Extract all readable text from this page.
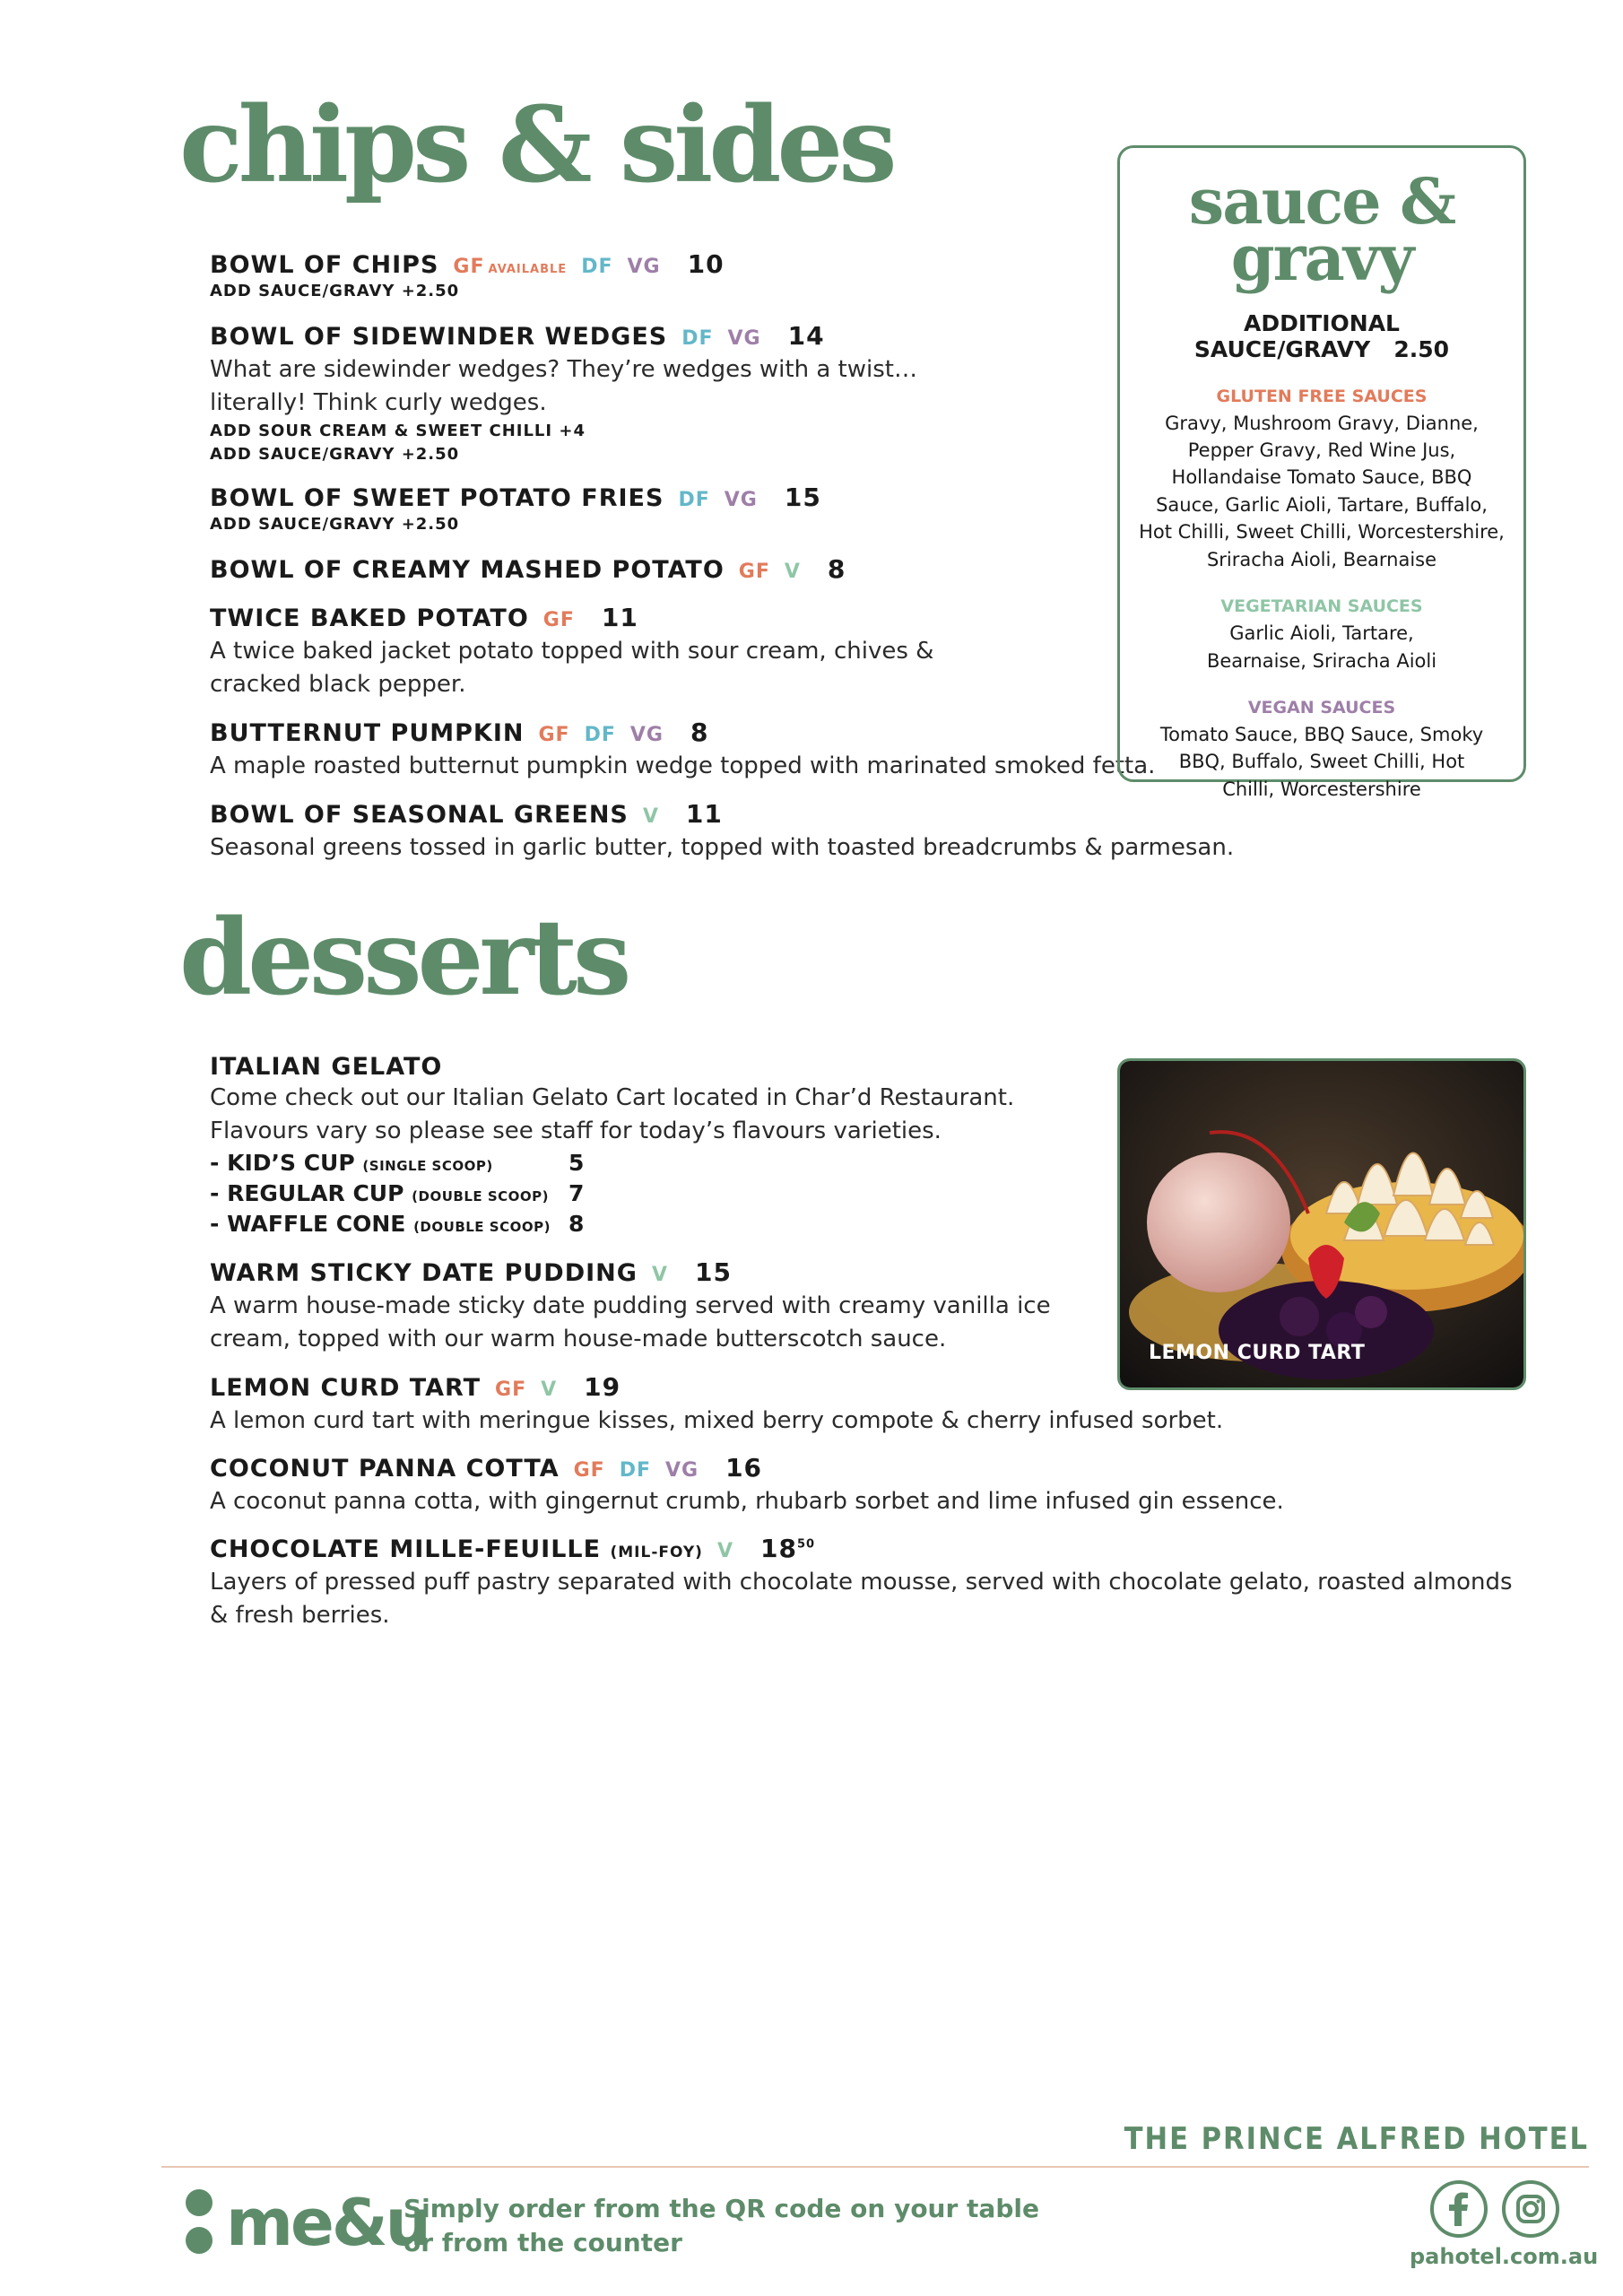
chips & sides
BOWL OF CHIPS GF AVAILABLE DF VG 10
ADD SAUCE/GRAVY +2.50
BOWL OF SIDEWINDER WEDGES DF VG 14

What are sidewinder wedges? They’re wedges with a twist… literally! Think curly wedges.

ADD SOUR CREAM & SWEET CHILLI +4
ADD SAUCE/GRAVY +2.50
BOWL OF SWEET POTATO FRIES DF VG 15
ADD SAUCE/GRAVY +2.50
BOWL OF CREAMY MASHED POTATO GF V 8
TWICE BAKED POTATO GF 11

A twice baked jacket potato topped with sour cream, chives & cracked black pepper.

BUTTERNUT PUMPKIN GF DF VG 8

A maple roasted butternut pumpkin wedge topped with marinated smoked fetta.

BOWL OF SEASONAL GREENS V 11

Seasonal greens tossed in garlic butter, topped with toasted breadcrumbs & parmesan.

sauce &
gravy
ADDITIONAL
SAUCE/GRAVY 2.50
GLUTEN FREE SAUCES
Gravy, Mushroom Gravy, Dianne, Pepper Gravy, Red Wine Jus, Hollandaise Tomato Sauce, BBQ Sauce, Garlic Aioli, Tartare, Buffalo, Hot Chilli, Sweet Chilli, Worcestershire, Sriracha Aioli, Bearnaise
VEGETARIAN SAUCES
Garlic Aioli, Tartare, Bearnaise, Sriracha Aioli
VEGAN SAUCES
Tomato Sauce, BBQ Sauce, Smoky BBQ, Buffalo, Sweet Chilli, Hot Chilli, Worcestershire
desserts
ITALIAN GELATO

Come check out our Italian Gelato Cart located in Char’d Restaurant.

Flavours vary so please see staff for today’s flavours varieties.

- KID’S CUP (SINGLE SCOOP)	5
- REGULAR CUP (DOUBLE SCOOP) 7
- WAFFLE CONE (DOUBLE SCOOP) 8
WARM STICKY DATE PUDDING V 15

A warm house-made sticky date pudding served with creamy vanilla ice cream, topped with our warm house-made butterscotch sauce.

LEMON CURD TART GF V 19

A lemon curd tart with meringue kisses, mixed berry compote & cherry infused sorbet.

COCONUT PANNA COTTA GF DF VG 16

A coconut panna cotta, with gingernut crumb, rhubarb sorbet and lime infused gin essence.

CHOCOLATE MILLE-FEUILLE (MIL-FOY) V $18^{50}$

Layers of pressed puff pastry separated with chocolate mousse, served with chocolate gelato, roasted almonds & fresh berries.

LEMON CURD TART
THE PRINCE ALFRED HOTEL
me&u
Simply order from the QR code on your table
or from the counter	pahotel.com.au
